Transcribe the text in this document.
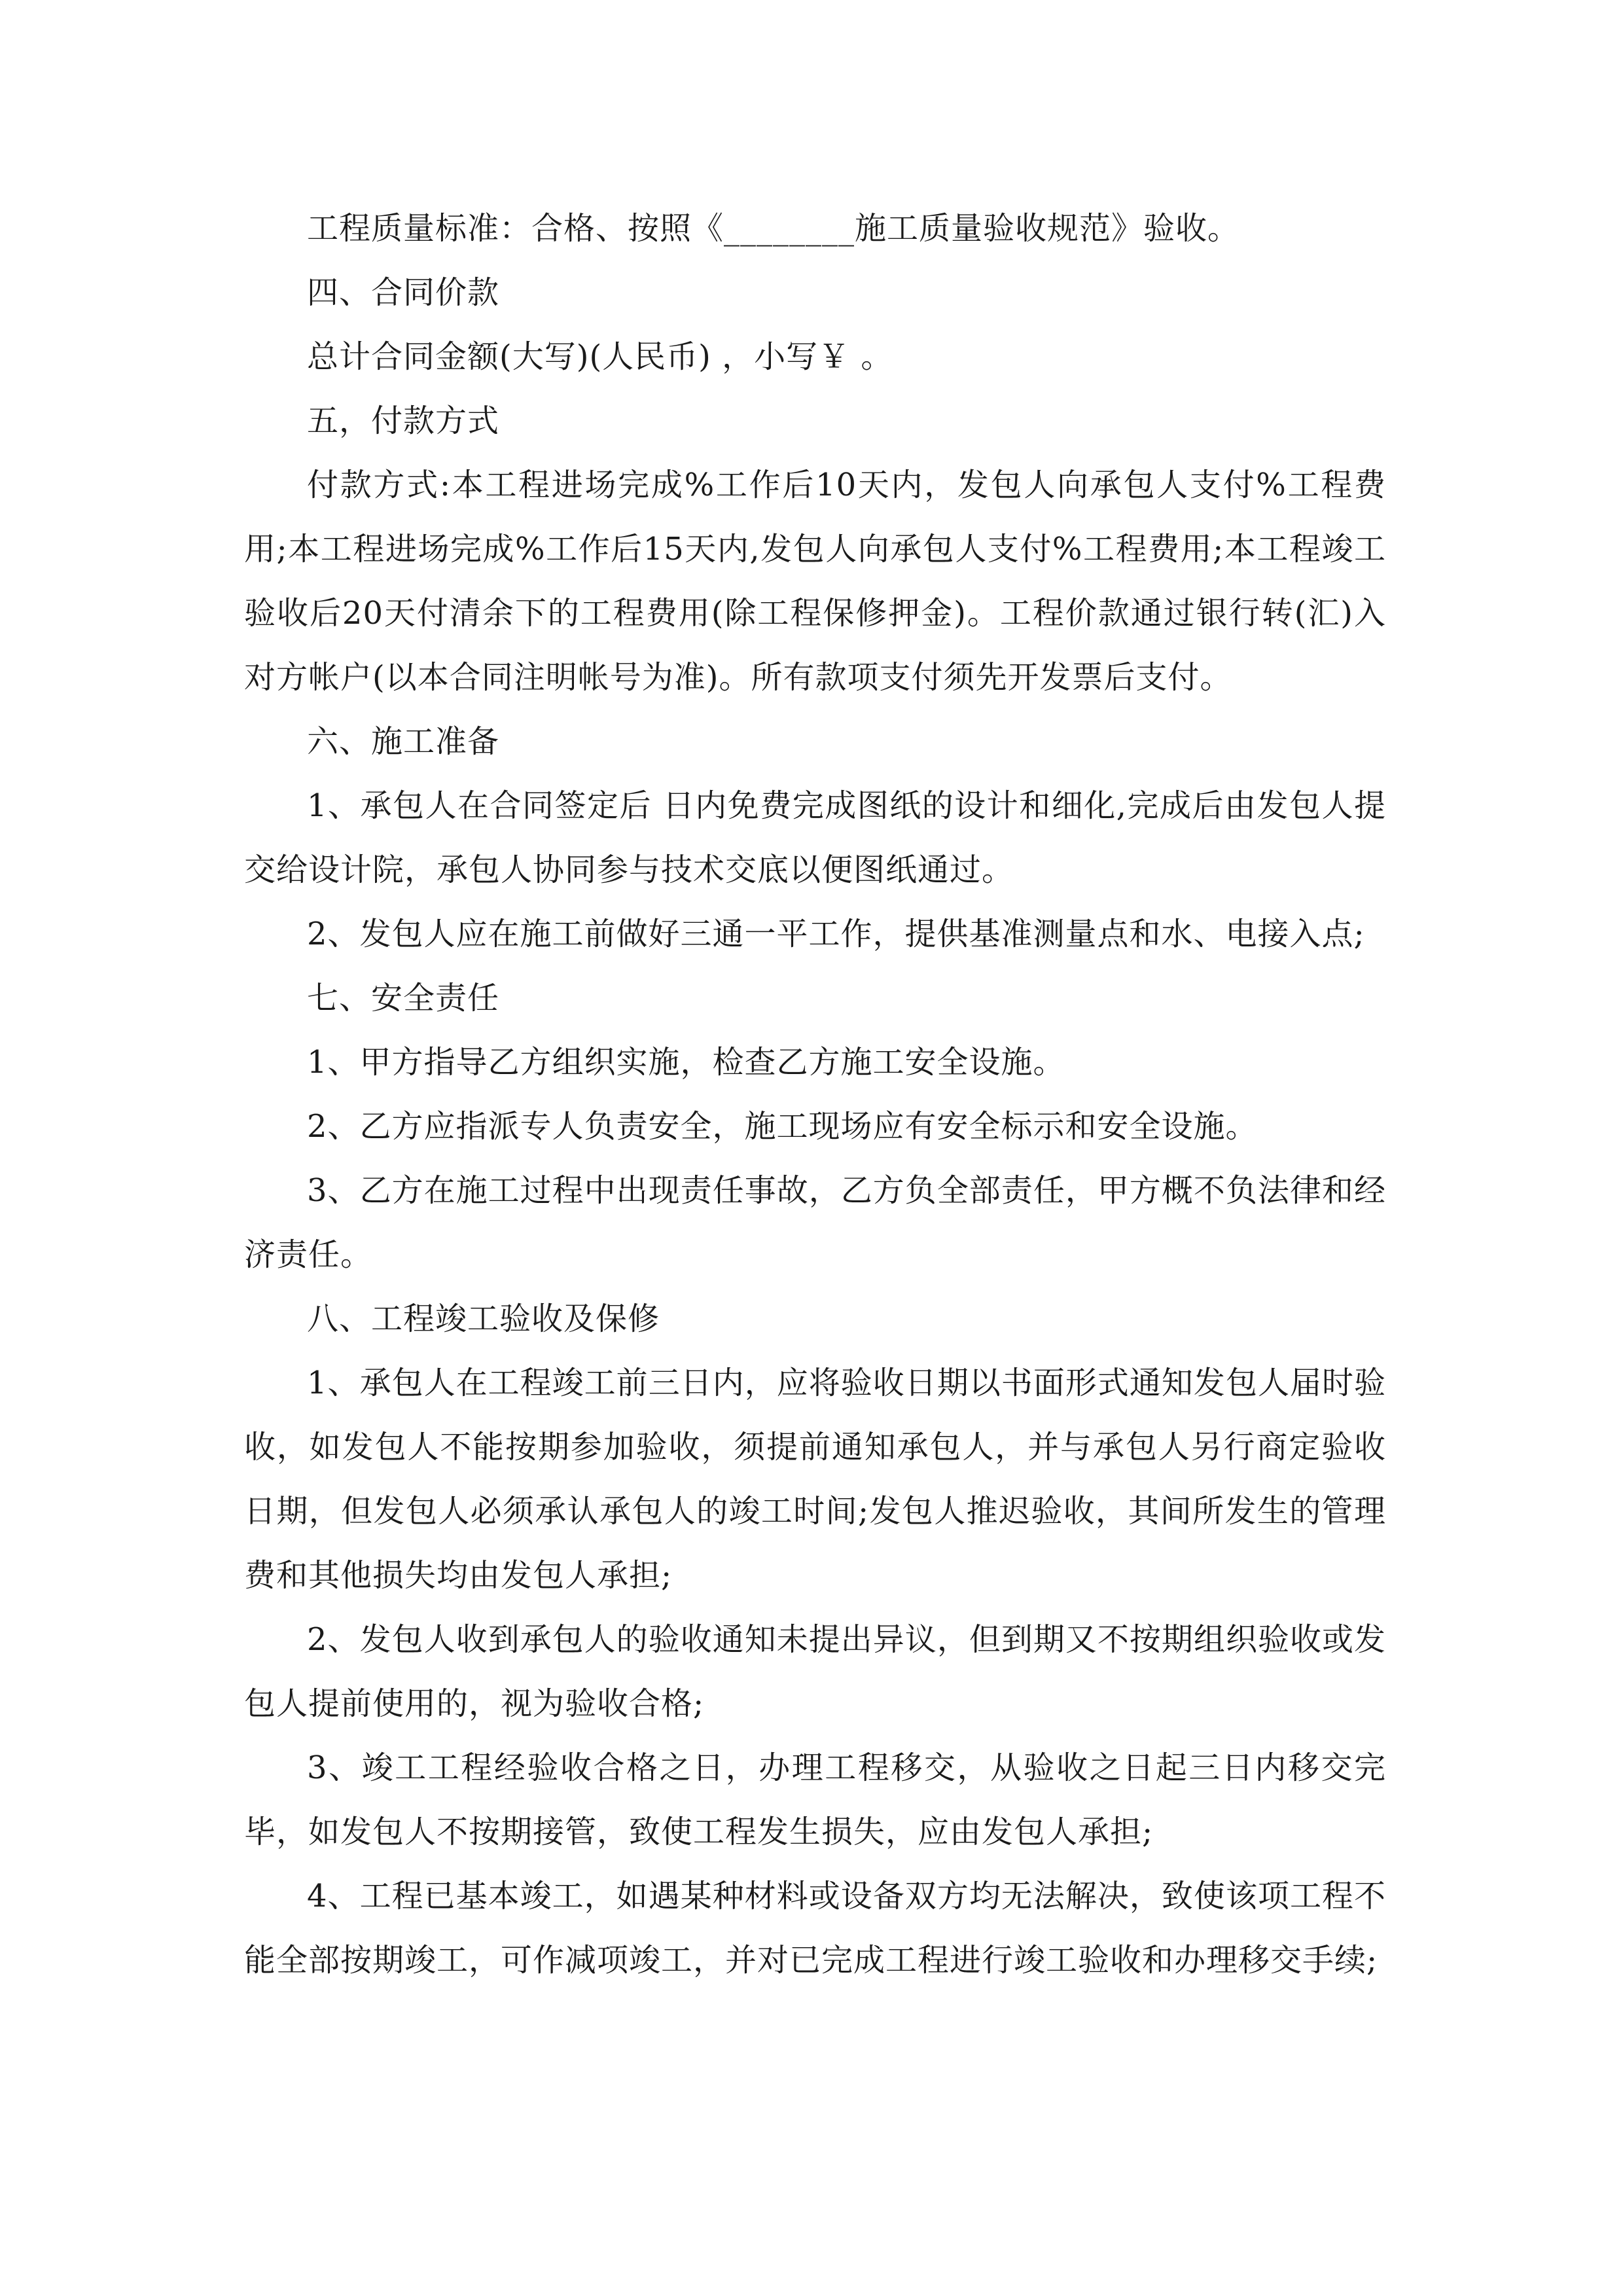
工程质量标准：合格、按照《________施工质量验收规范》验收。

四、合同价款

总计合同金额(大写)(人民币) ，小写￥ 。

五，付款方式

付款方式:本工程进场完成%工作后10天内，发包人向承包人支付%工程费用;本工程进场完成%工作后15天内,发包人向承包人支付%工程费用;本工程竣工验收后20天付清余下的工程费用(除工程保修押金)。工程价款通过银行转(汇)入对方帐户(以本合同注明帐号为准)。所有款项支付须先开发票后支付。

六、施工准备

1、承包人在合同签定后 日内免费完成图纸的设计和细化,完成后由发包人提交给设计院，承包人协同参与技术交底以便图纸通过。

2、发包人应在施工前做好三通一平工作，提供基准测量点和水、电接入点;

七、安全责任

1、甲方指导乙方组织实施，检查乙方施工安全设施。

2、乙方应指派专人负责安全，施工现场应有安全标示和安全设施。

3、乙方在施工过程中出现责任事故，乙方负全部责任，甲方概不负法律和经济责任。

八、工程竣工验收及保修

1、承包人在工程竣工前三日内，应将验收日期以书面形式通知发包人届时验收，如发包人不能按期参加验收，须提前通知承包人，并与承包人另行商定验收日期，但发包人必须承认承包人的竣工时间;发包人推迟验收，其间所发生的管理费和其他损失均由发包人承担;

2、发包人收到承包人的验收通知未提出异议，但到期又不按期组织验收或发包人提前使用的，视为验收合格;

3、竣工工程经验收合格之日，办理工程移交，从验收之日起三日内移交完毕，如发包人不按期接管，致使工程发生损失，应由发包人承担;

4、工程已基本竣工，如遇某种材料或设备双方均无法解决，致使该项工程不能全部按期竣工，可作减项竣工，并对已完成工程进行竣工验收和办理移交手续;
